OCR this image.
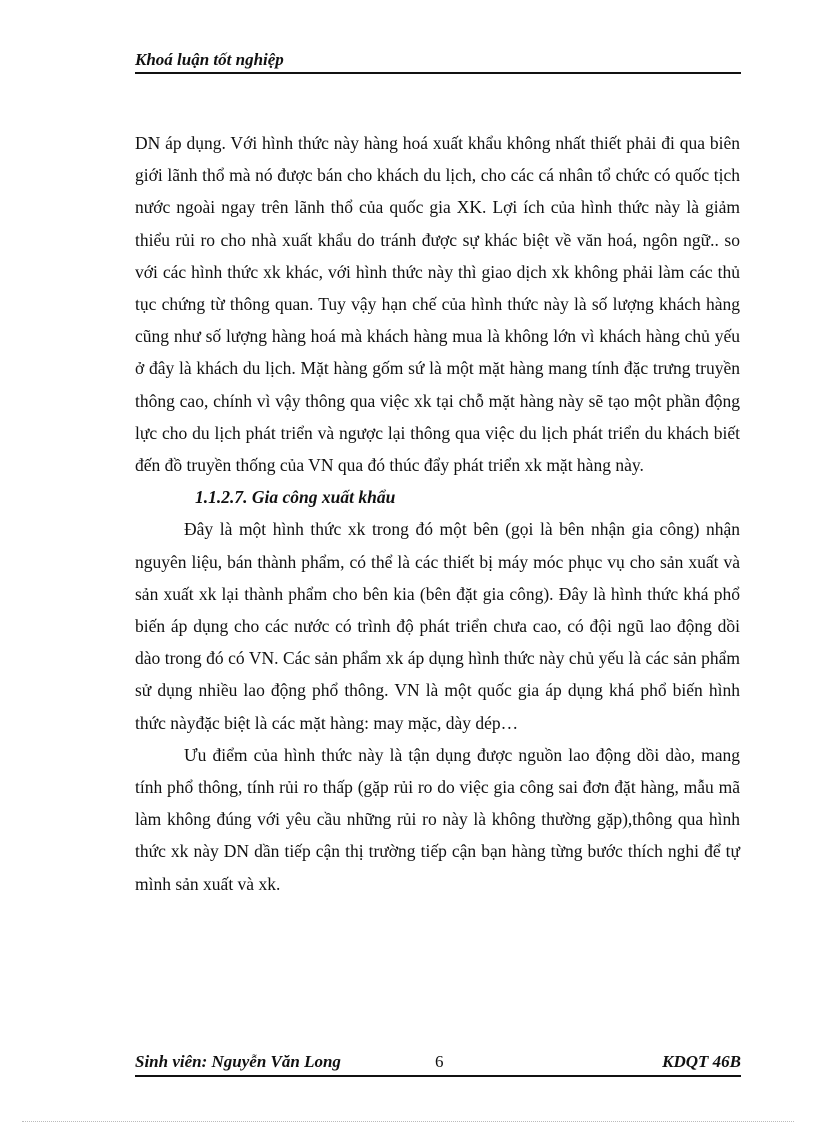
Khoá luận tốt nghiệp

DN áp dụng. Với hình thức này hàng hoá xuất khẩu không nhất thiết phải đi qua biên giới lãnh thổ mà nó được bán cho khách du lịch, cho các cá nhân tổ chức có quốc tịch nước ngoài ngay trên lãnh thổ của quốc gia XK. Lợi ích của hình thức này là giảm thiểu rủi ro cho nhà xuất khẩu do tránh được sự khác biệt về văn hoá, ngôn ngữ.. so với các hình thức xk khác, với hình thức này thì giao dịch xk không phải làm các thủ tục chứng từ thông quan. Tuy vậy hạn chế của hình thức này là số lượng khách hàng cũng như số lượng hàng hoá mà khách hàng mua là không lớn vì khách hàng chủ yếu ở đây là khách du lịch. Mặt hàng gốm sứ là một mặt hàng mang tính đặc trưng truyền thông cao, chính vì vậy thông qua việc xk tại chỗ mặt hàng này sẽ tạo một phần động lực cho du lịch phát triển và ngược lại thông qua việc du lịch phát triển du khách biết đến đồ truyền thống của VN qua đó thúc đẩy phát triển xk mặt hàng này.

1.1.2.7. Gia công xuất khẩu

Đây là một hình thức xk trong đó một bên (gọi là bên nhận gia công) nhận nguyên liệu, bán thành phẩm, có thể là các thiết bị máy móc phục vụ cho sản xuất và sản xuất xk lại thành phẩm cho bên kia (bên đặt gia công). Đây là hình thức khá phổ biến áp dụng cho các nước có trình độ phát triển chưa cao, có đội ngũ lao động dồi dào trong đó có VN. Các sản phẩm xk áp dụng hình thức này chủ yếu là các sản phẩm sử dụng nhiều lao động phổ thông. VN là một quốc gia áp dụng khá phổ biến hình thức nàyđặc biệt là các mặt hàng: may mặc, dày dép…

Ưu điểm của hình thức này là tận dụng được nguồn lao động dồi dào, mang tính phổ thông, tính rủi ro thấp (gặp rủi ro do việc gia công sai đơn đặt hàng, mẫu mã làm không đúng với yêu cầu những rủi ro này là không thường gặp),thông qua hình thức xk này DN dần tiếp cận thị trường tiếp cận bạn hàng từng bước thích nghi để tự mình sản xuất và xk.

Sinh viên: Nguyễn Văn Long	6	KDQT 46B
